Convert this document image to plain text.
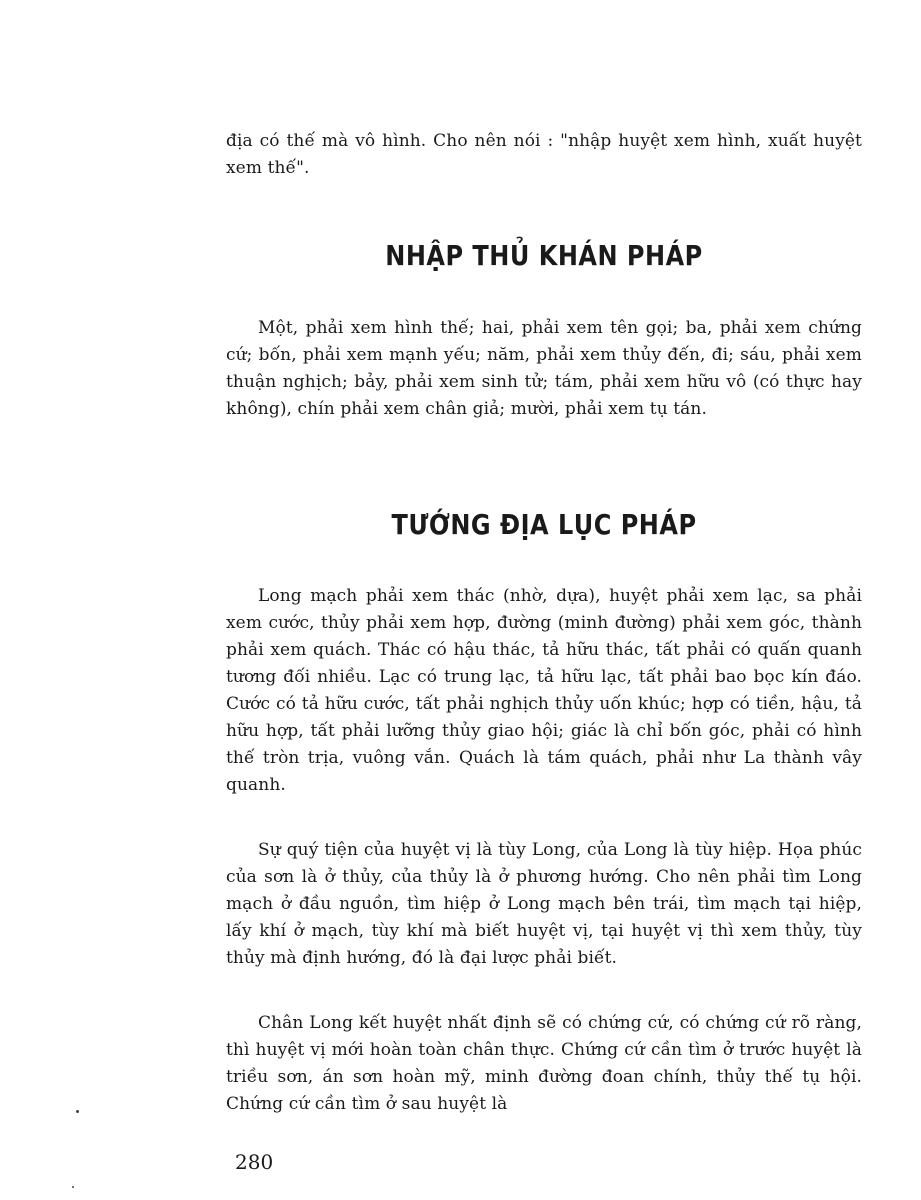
địa có thế mà vô hình. Cho nên nói : "nhập huyệt xem hình, xuất huyệt xem thế".

NHẬP THỦ KHÁN PHÁP

Một, phải xem hình thế; hai, phải xem tên gọi; ba, phải xem chứng cứ; bốn, phải xem mạnh yếu; năm, phải xem thủy đến, đi; sáu, phải xem thuận nghịch; bảy, phải xem sinh tử; tám, phải xem hữu vô (có thực hay không), chín phải xem chân giả; mười, phải xem tụ tán.

TƯỚNG ĐỊA LỤC PHÁP

Long mạch phải xem thác (nhờ, dựa), huyệt phải xem lạc, sa phải xem cước, thủy phải xem hợp, đường (minh đường) phải xem góc, thành phải xem quách. Thác có hậu thác, tả hữu thác, tất phải có quấn quanh tương đối nhiều. Lạc có trung lạc, tả hữu lạc, tất phải bao bọc kín đáo. Cước có tả hữu cước, tất phải nghịch thủy uốn khúc; hợp có tiền, hậu, tả hữu hợp, tất phải lưỡng thủy giao hội; giác là chỉ bốn góc, phải có hình thế tròn trịa, vuông vắn. Quách là tám quách, phải như La thành vây quanh.

Sự quý tiện của huyệt vị là tùy Long, của Long là tùy hiệp. Họa phúc của sơn là ở thủy, của thủy là ở phương hướng. Cho nên phải tìm Long mạch ở đầu nguồn, tìm hiệp ở Long mạch bên trái, tìm mạch tại hiệp, lấy khí ở mạch, tùy khí mà biết huyệt vị, tại huyệt vị thì xem thủy, tùy thủy mà định hướng, đó là đại lược phải biết.

Chân Long kết huyệt nhất định sẽ có chứng cứ, có chứng cứ rõ ràng, thì huyệt vị mới hoàn toàn chân thực. Chứng cứ cần tìm ở trước huyệt là triều sơn, án sơn hoàn mỹ, minh đường đoan chính, thủy thế tụ hội. Chứng cứ cần tìm ở sau huyệt là

280
